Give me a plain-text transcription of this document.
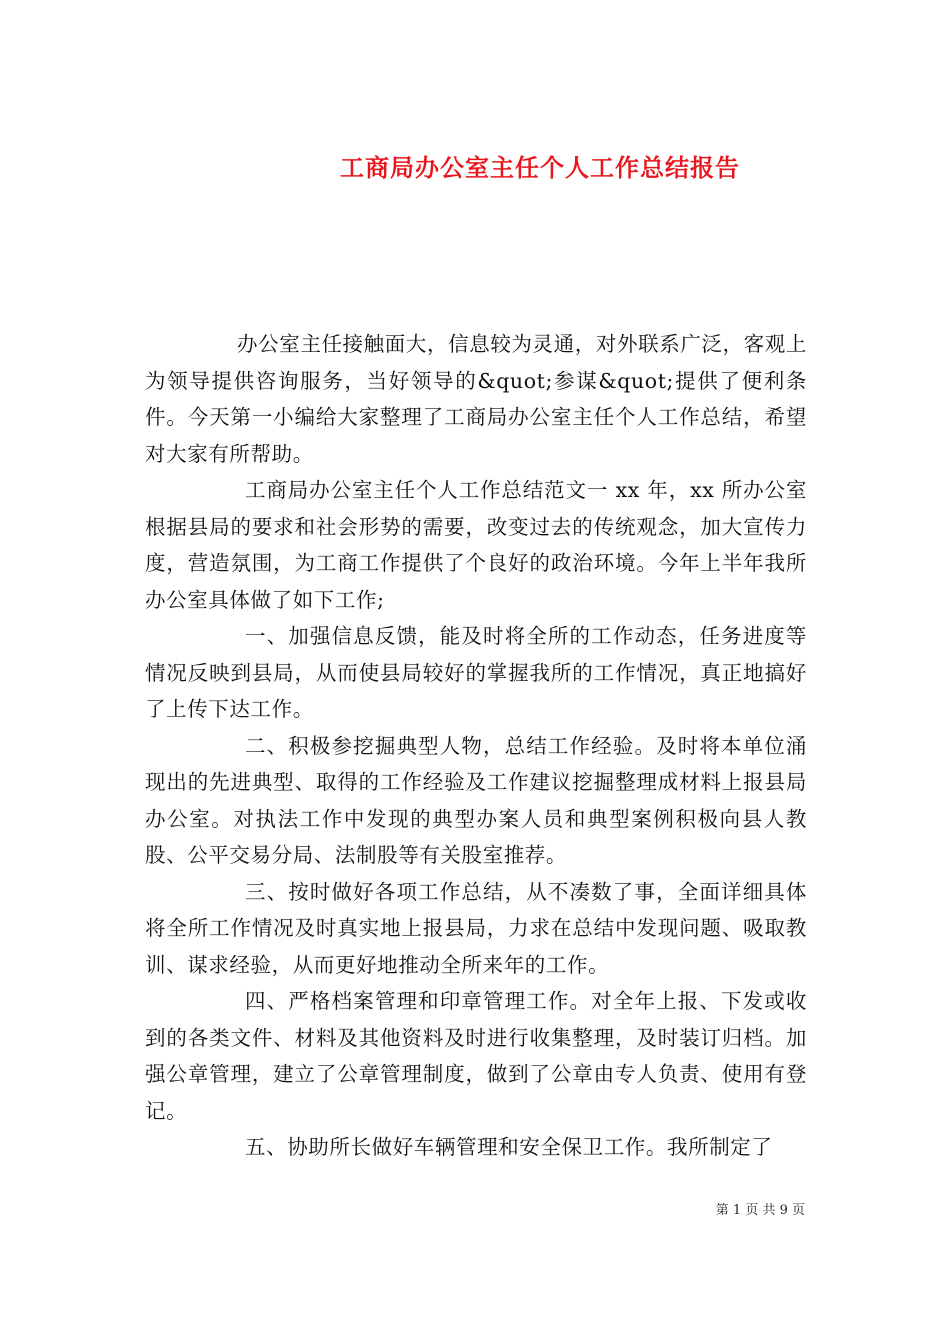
工商局办公室主任个人工作总结报告

办公室主任接触面大，信息较为灵通，对外联系广泛，客观上为领导提供咨询服务，当好领导的&quot;参谋&quot;提供了便利条件。今天第一小编给大家整理了工商局办公室主任个人工作总结，希望对大家有所帮助。

工商局办公室主任个人工作总结范文一 xx 年，xx 所办公室根据县局的要求和社会形势的需要，改变过去的传统观念，加大宣传力度，营造氛围，为工商工作提供了个良好的政治环境。今年上半年我所办公室具体做了如下工作;

一、加强信息反馈，能及时将全所的工作动态，任务进度等情况反映到县局，从而使县局较好的掌握我所的工作情况，真正地搞好了上传下达工作。

二、积极参挖掘典型人物，总结工作经验。及时将本单位涌现出的先进典型、取得的工作经验及工作建议挖掘整理成材料上报县局办公室。对执法工作中发现的典型办案人员和典型案例积极向县人教股、公平交易分局、法制股等有关股室推荐。

三、按时做好各项工作总结，从不凑数了事，全面详细具体将全所工作情况及时真实地上报县局，力求在总结中发现问题、吸取教训、谋求经验，从而更好地推动全所来年的工作。

四、严格档案管理和印章管理工作。对全年上报、下发或收到的各类文件、材料及其他资料及时进行收集整理，及时装订归档。加强公章管理，建立了公章管理制度，做到了公章由专人负责、使用有登记。

五、协助所长做好车辆管理和安全保卫工作。我所制定了

第 1 页 共 9 页
